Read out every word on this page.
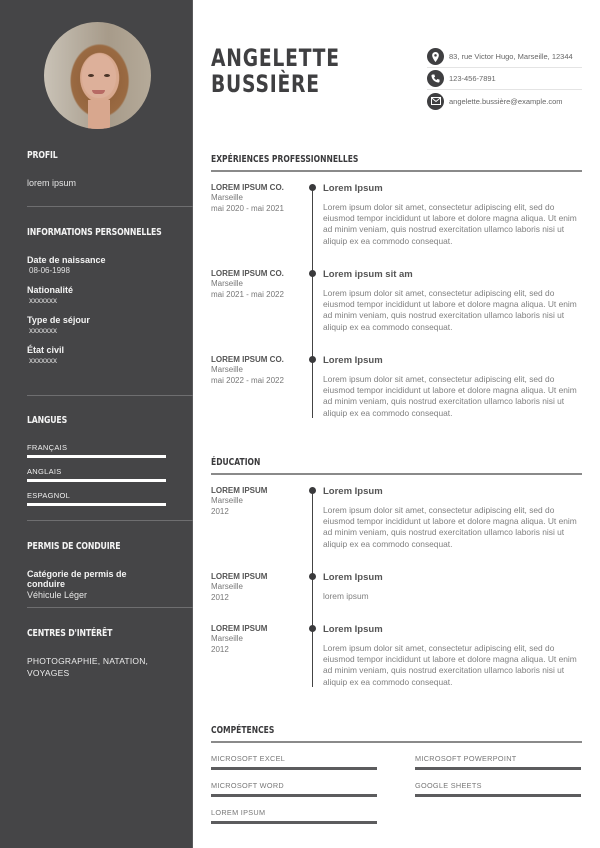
PROFIL
lorem ipsum
INFORMATIONS PERSONNELLES
Date de naissance
08-06-1998
Nationalité
xxxxxxx
Type de séjour
xxxxxxx
État civil
xxxxxxx
LANGUES
FRANÇAIS
ANGLAIS
ESPAGNOL
PERMIS DE CONDUIRE
Catégorie de permis de conduire
Véhicule Léger
CENTRES D'INTÉRÊT
PHOTOGRAPHIE, NATATION,
VOYAGES
ANGELETTE
BUSSIÈRE
83, rue Victor Hugo, Marseille, 12344
123-456-7891
angelette.bussière@example.com
EXPÉRIENCES PROFESSIONNELLES
LOREM IPSUM CO.
Marseille
mai 2020 - mai 2021
Lorem Ipsum
Lorem ipsum dolor sit amet, consectetur adipiscing elit, sed do eiusmod tempor incididunt ut labore et dolore magna aliqua. Ut enim ad minim veniam, quis nostrud exercitation ullamco laboris nisi ut aliquip ex ea commodo consequat.
LOREM IPSUM CO.
Marseille
mai 2021 - mai 2022
Lorem ipsum sit am
Lorem ipsum dolor sit amet, consectetur adipiscing elit, sed do eiusmod tempor incididunt ut labore et dolore magna aliqua. Ut enim ad minim veniam, quis nostrud exercitation ullamco laboris nisi ut aliquip ex ea commodo consequat.
LOREM IPSUM CO.
Marseille
mai 2022 - mai 2022
Lorem Ipsum
Lorem ipsum dolor sit amet, consectetur adipiscing elit, sed do eiusmod tempor incididunt ut labore et dolore magna aliqua. Ut enim ad minim veniam, quis nostrud exercitation ullamco laboris nisi ut aliquip ex ea commodo consequat.
ÉDUCATION
LOREM IPSUM
Marseille
2012
Lorem Ipsum
Lorem ipsum dolor sit amet, consectetur adipiscing elit, sed do eiusmod tempor incididunt ut labore et dolore magna aliqua. Ut enim ad minim veniam, quis nostrud exercitation ullamco laboris nisi ut aliquip ex ea commodo consequat.
LOREM IPSUM
Marseille
2012
Lorem Ipsum
lorem ipsum
LOREM IPSUM
Marseille
2012
Lorem Ipsum
Lorem ipsum dolor sit amet, consectetur adipiscing elit, sed do eiusmod tempor incididunt ut labore et dolore magna aliqua. Ut enim ad minim veniam, quis nostrud exercitation ullamco laboris nisi ut aliquip ex ea commodo consequat.
COMPÉTENCES
MICROSOFT EXCEL	MICROSOFT POWERPOINT
MICROSOFT WORD	GOOGLE SHEETS
LOREM IPSUM
